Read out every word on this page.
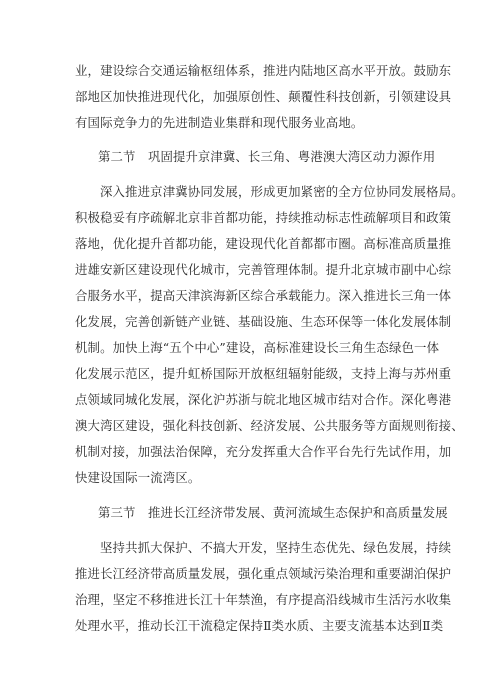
业，建设综合交通运输枢纽体系，推进内陆地区高水平开放。鼓励东
部地区加快推进现代化，加强原创性、颠覆性科技创新，引领建设具
有国际竞争力的先进制造业集群和现代服务业高地。
第二节　巩固提升京津冀、长三角、粤港澳大湾区动力源作用
深入推进京津冀协同发展，形成更加紧密的全方位协同发展格局。
积极稳妥有序疏解北京非首都功能，持续推动标志性疏解项目和政策
落地，优化提升首都功能，建设现代化首都都市圈。高标准高质量推
进雄安新区建设现代化城市，完善管理体制。提升北京城市副中心综
合服务水平，提高天津滨海新区综合承载能力。深入推进长三角一体
化发展，完善创新链产业链、基础设施、生态环保等一体化发展体制
机制。加快上海“五个中心”建设，高标准建设长三角生态绿色一体
化发展示范区，提升虹桥国际开放枢纽辐射能级，支持上海与苏州重
点领域同城化发展，深化沪苏浙与皖北地区城市结对合作。深化粤港
澳大湾区建设，强化科技创新、经济发展、公共服务等方面规则衔接、
机制对接，加强法治保障，充分发挥重大合作平台先行先试作用，加
快建设国际一流湾区。
第三节　推进长江经济带发展、黄河流域生态保护和高质量发展
坚持共抓大保护、不搞大开发，坚持生态优先、绿色发展，持续
推进长江经济带高质量发展，强化重点领域污染治理和重要湖泊保护
治理，坚定不移推进长江十年禁渔，有序提高沿线城市生活污水收集
处理水平，推动长江干流稳定保持Ⅱ类水质、主要支流基本达到Ⅱ类
